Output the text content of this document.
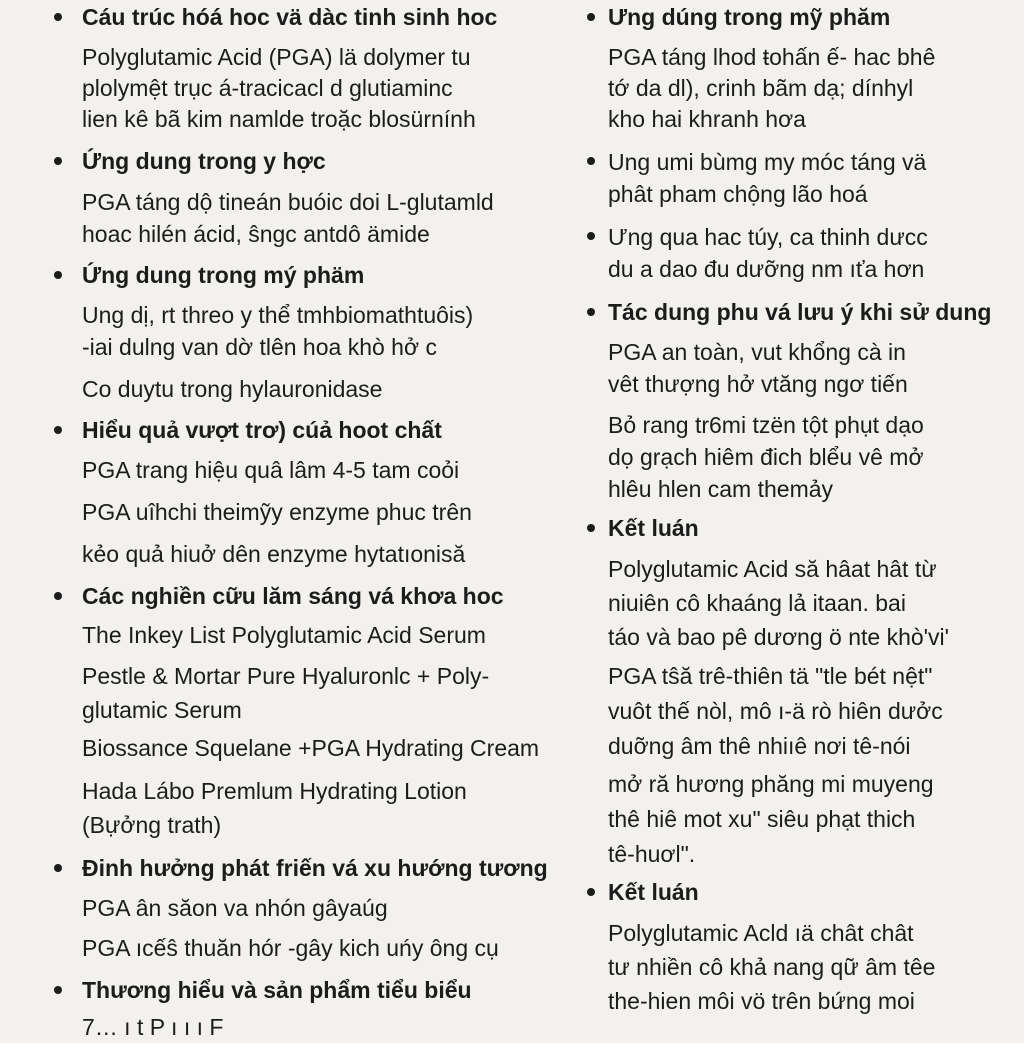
Cáu trúc hóá hoc vä dàc tinh sinh hoc
Polyglutamic Acid (PGA) lä dolymer tu
plolymệt trục á-tracicacl d glutiaminc
lien kê bã kim namlde troặc blosürnính
Ứng dung trong y hợc
PGA táng dộ tineán buóic doi L-glutamld
hoac hilén ácid, ŝngc antdô ämide
Ứng dung trong mý phäm
Ung dị, rt threo y thể tmhbiomathtuôis)
-iai dulng van dờ tlên hoa khò hở c
Co duytu trong hylauronidase
Hiểu quả vượt trơ) cúả hoot chất
PGA trang hiệu quâ lâm 4-5 tam coỏi
PGA uîhchi theimỹy enzyme phuc trên
kẻo quả hiuở dên enzyme hytatıonisă
Các nghiền cữu lăm sáng vá khơa hoc
The Inkey List Polyglutamic Acid Serum
Pestle & Mortar Pure Hyaluronlc + Poly-
glutamic Serum
Biossance Squelane +PGA Hydrating Cream
Hada Lábo Premlum Hydrating Lotion
(Bựởng trath)
Đinh hưởng phát friến vá xu hướng tương
PGA ân săon va nhón gâyaúg
PGA ıcếŝ thuăn hór -gây kich uńy ông cụ
Thương hiểu và sản phẩm tiểu biểu
7… ı t P ı ı ı F
Ưng dúng trong mỹ phăm
PGA táng lhod ŧohấn ế- hac bhê
tớ da dl), crinh bãm dạ; dínhyl
kho hai khranh hơa
Ung umi bùmg my móc táng vä
phât pham chộng lão hoá
Ưng qua hac túy, ca thinh dưcc
du a dao đu dưỡng nm ıťa hơn
Tác dung phu vá lưu ý khi sử dung
PGA an toàn, vut khổng cà in
vêt thượng hở vtăng ngơ tiến
Bỏ rang tr6mi tzën tột phụt dạo
dọ grạch hiêm đich blểu vê mở
hlêu hlen cam themảy
Kết luán
Polyglutamic Acid să hâat hât từ
niuiên cô khaáng lả itaan. bai
táo và bao pê dương ö nte khò'vi'
PGA tŝă trê-thiên tä "tle bét nệt"
vuôt thế nòl, mô ı-ä rò hiên dưởc
duỡng âm thê nhiıê nơi tê-nói
mở ră hương phăng mi muyeng
thê hiê mot xu" siêu phạt thich
tê-huơl".
Kết luán
Polyglutamic Acld ıä chât chât
tư nhiền cô khả nang qữ âm têe
the-hien môi vö trên bứng moi
